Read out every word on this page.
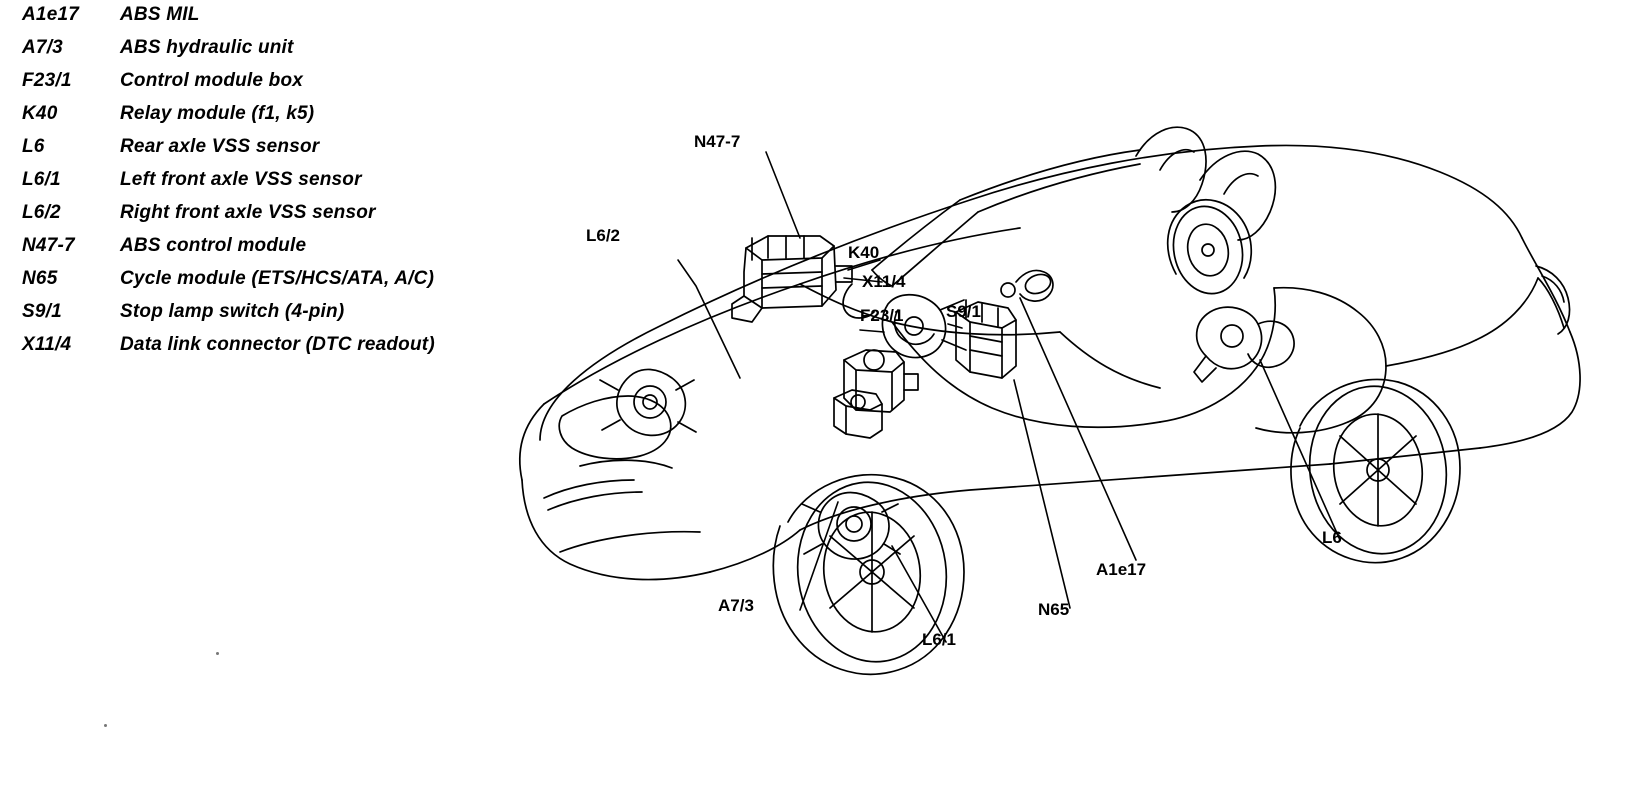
A1e17	ABS MIL
A7/3	ABS hydraulic unit
F23/1	Control module box
K40	Relay module (f1, k5)
L6	Rear axle VSS sensor
L6/1	Left front axle VSS sensor
L6/2	Right front axle VSS sensor
N47-7	ABS control module
N65	Cycle module (ETS/HCS/ATA, A/C)
S9/1	Stop lamp switch (4-pin)
X11/4	Data link connector (DTC readout)
N47-7
L6/2
K40
X11/4
F23/1	S9/1
A7/3
L6/1
N65
A1e17
L6
